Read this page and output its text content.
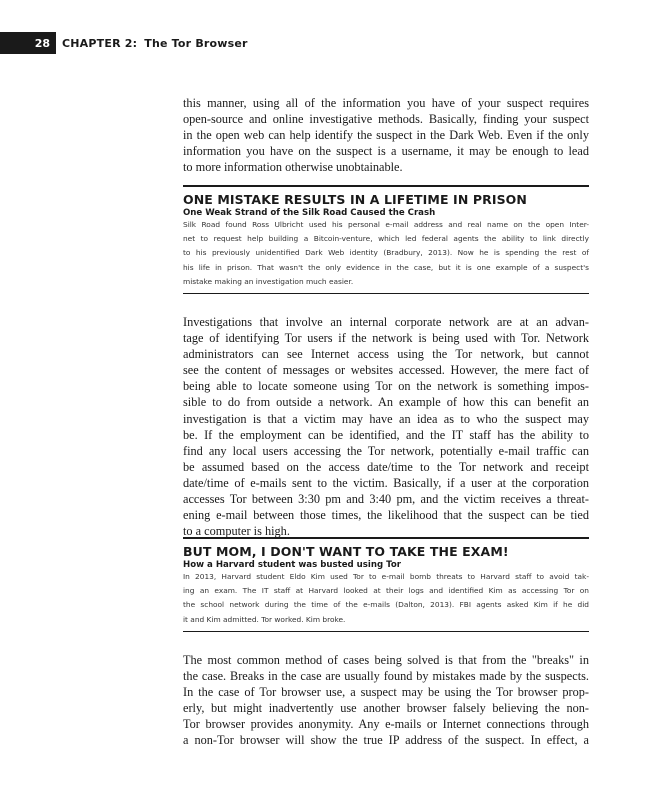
28	CHAPTER 2: The Tor Browser

this manner, using all of the information you have of your suspect requires
open-source and online investigative methods. Basically, finding your suspect
in the open web can help identify the suspect in the Dark Web. Even if the only
information you have on the suspect is a username, it may be enough to lead
to more information otherwise unobtainable.

ONE MISTAKE RESULTS IN A LIFETIME IN PRISON
One Weak Strand of the Silk Road Caused the Crash
Silk Road found Ross Ulbricht used his personal e-mail address and real name on the open Inter-
net to request help building a Bitcoin-venture, which led federal agents the ability to link directly
to his previously unidentified Dark Web identity (Bradbury, 2013). Now he is spending the rest of
his life in prison. That wasn't the only evidence in the case, but it is one example of a suspect's
mistake making an investigation much easier.

Investigations that involve an internal corporate network are at an advan-
tage of identifying Tor users if the network is being used with Tor. Network
administrators can see Internet access using the Tor network, but cannot
see the content of messages or websites accessed. However, the mere fact of
being able to locate someone using Tor on the network is something impos-
sible to do from outside a network. An example of how this can benefit an
investigation is that a victim may have an idea as to who the suspect may
be. If the employment can be identified, and the IT staff has the ability to
find any local users accessing the Tor network, potentially e-mail traffic can
be assumed based on the access date/time to the Tor network and receipt
date/time of e-mails sent to the victim. Basically, if a user at the corporation
accesses Tor between 3:30 pm and 3:40 pm, and the victim receives a threat-
ening e-mail between those times, the likelihood that the suspect can be tied
to a computer is high.

BUT MOM, I DON'T WANT TO TAKE THE EXAM!
How a Harvard student was busted using Tor
In 2013, Harvard student Eldo Kim used Tor to e-mail bomb threats to Harvard staff to avoid tak-
ing an exam. The IT staff at Harvard looked at their logs and identified Kim as accessing Tor on
the school network during the time of the e-mails (Dalton, 2013). FBI agents asked Kim if he did
it and Kim admitted. Tor worked. Kim broke.

The most common method of cases being solved is that from the "breaks" in
the case. Breaks in the case are usually found by mistakes made by the suspects.
In the case of Tor browser use, a suspect may be using the Tor browser prop-
erly, but might inadvertently use another browser falsely believing the non-
Tor browser provides anonymity. Any e-mails or Internet connections through
a non-Tor browser will show the true IP address of the suspect. In effect, a
